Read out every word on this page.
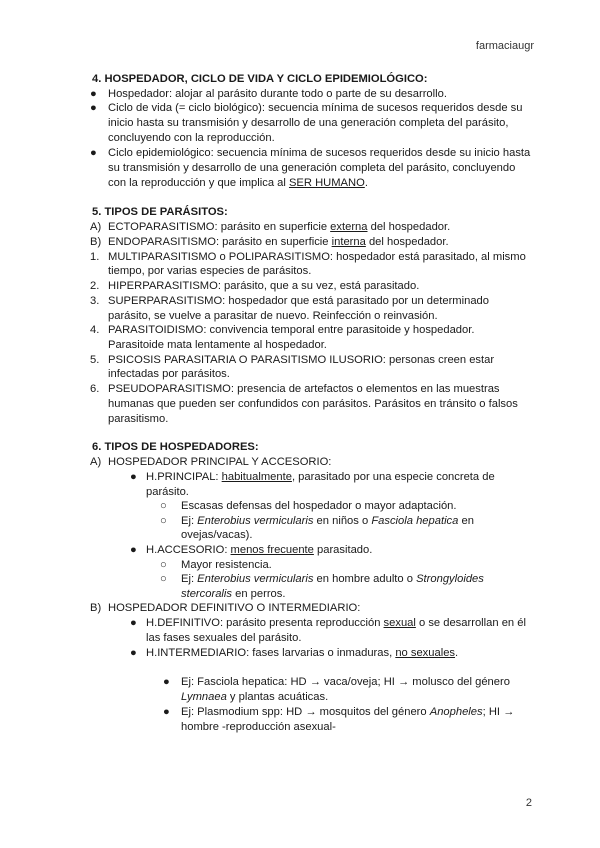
farmaciaugr
4. HOSPEDADOR, CICLO DE VIDA Y CICLO EPIDEMIOLÓGICO:
● Hospedador: alojar al parásito durante todo o parte de su desarrollo.
● Ciclo de vida (= ciclo biológico): secuencia mínima de sucesos requeridos desde su
inicio hasta su transmisión y desarrollo de una generación completa del parásito,
concluyendo con la reproducción.
● Ciclo epidemiológico: secuencia mínima de sucesos requeridos desde su inicio hasta
su transmisión y desarrollo de una generación completa del parásito, concluyendo
con la reproducción y que implica al SER HUMANO.
5. TIPOS DE PARÁSITOS:
A) ECTOPARASITISMO: parásito en superficie externa del hospedador.
B) ENDOPARASITISMO: parásito en superficie interna del hospedador.
1. MULTIPARASITISMO o POLIPARASITISMO: hospedador está parasitado, al mismo
tiempo, por varias especies de parásitos.
2. HIPERPARASITISMO: parásito, que a su vez, está parasitado.
3. SUPERPARASITISMO: hospedador que está parasitado por un determinado
parásito, se vuelve a parasitar de nuevo. Reinfección o reinvasión.
4. PARASITOIDISMO: convivencia temporal entre parasitoide y hospedador.
Parasitoide mata lentamente al hospedador.
5. PSICOSIS PARASITARIA O PARASITISMO ILUSORIO: personas creen estar
infectadas por parásitos.
6. PSEUDOPARASITISMO: presencia de artefactos o elementos en las muestras
humanas que pueden ser confundidos con parásitos. Parásitos en tránsito o falsos
parasitismo.
6. TIPOS DE HOSPEDADORES:
A) HOSPEDADOR PRINCIPAL Y ACCESORIO:
● H.PRINCIPAL: habitualmente, parasitado por una especie concreta de
parásito.
○ Escasas defensas del hospedador o mayor adaptación.
○ Ej: Enterobius vermicularis en niños o Fasciola hepatica en
ovejas/vacas).
● H.ACCESORIO: menos frecuente parasitado.
○ Mayor resistencia.
○ Ej: Enterobius vermicularis en hombre adulto o Strongyloides
stercoralis en perros.
B) HOSPEDADOR DEFINITIVO O INTERMEDIARIO:
● H.DEFINITIVO: parásito presenta reproducción sexual o se desarrollan en él
las fases sexuales del parásito.
● H.INTERMEDIARIO: fases larvarias o inmaduras, no sexuales.
● Ej: Fasciola hepatica: HD → vaca/oveja; HI → molusco del género
Lymnaea y plantas acuáticas.
● Ej: Plasmodium spp: HD → mosquitos del género Anopheles; HI →
hombre -reproducción asexual-
2
